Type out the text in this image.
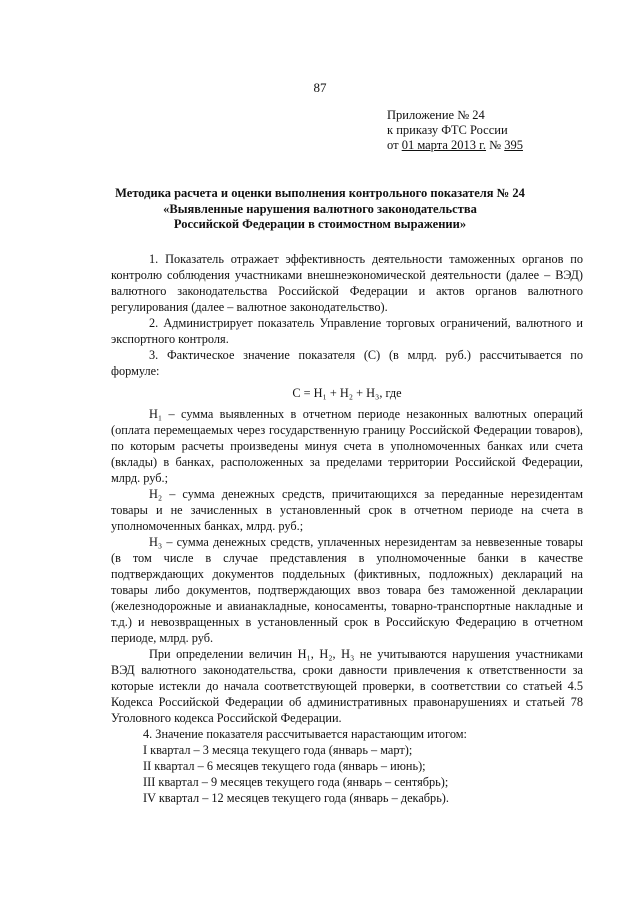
87
Приложение № 24
к приказу ФТС России
от 01 марта 2013 г. № 395
Методика расчета и оценки выполнения контрольного показателя № 24
«Выявленные нарушения валютного законодательства
Российской Федерации в стоимостном выражении»

1. Показатель отражает эффективность деятельности таможенных органов по контролю соблюдения участниками внешнеэкономической деятельности (далее – ВЭД) валютного законодательства Российской Федерации и актов органов валютного регулирования (далее – валютное законодательство).

2. Администрирует показатель Управление торговых ограничений, валютного и экспортного контроля.

3. Фактическое значение показателя (С) (в млрд. руб.) рассчитывается по формуле:

С = Н₁ + Н₂ + Н₃, где

Н₁ – сумма выявленных в отчетном периоде незаконных валютных операций (оплата перемещаемых через государственную границу Российской Федерации товаров), по которым расчеты произведены минуя счета в уполномоченных банках или счета (вклады) в банках, расположенных за пределами территории Российской Федерации, млрд. руб.;

Н₂ – сумма денежных средств, причитающихся за переданные нерезидентам товары и не зачисленных в установленный срок в отчетном периоде на счета в уполномоченных банках, млрд. руб.;

Н₃ – сумма денежных средств, уплаченных нерезидентам за неввезенные товары (в том числе в случае представления в уполномоченные банки в качестве подтверждающих документов поддельных (фиктивных, подложных) деклараций на товары либо документов, подтверждающих ввоз товара без таможенной декларации (железнодорожные и авианакладные, коносаменты, товарно-транспортные накладные и т.д.) и невозвращенных в установленный срок в Российскую Федерацию в отчетном периоде, млрд. руб.

При определении величин Н₁, Н₂, Н₃ не учитываются нарушения участниками ВЭД валютного законодательства, сроки давности привлечения к ответственности за которые истекли до начала соответствующей проверки, в соответствии со статьей 4.5 Кодекса Российской Федерации об административных правонарушениях и статьей 78 Уголовного кодекса Российской Федерации.

4. Значение показателя рассчитывается нарастающим итогом:

I квартал – 3 месяца текущего года (январь – март);
II квартал – 6 месяцев текущего года (январь – июнь);
III квартал – 9 месяцев текущего года (январь – сентябрь);
IV квартал – 12 месяцев текущего года (январь – декабрь).
